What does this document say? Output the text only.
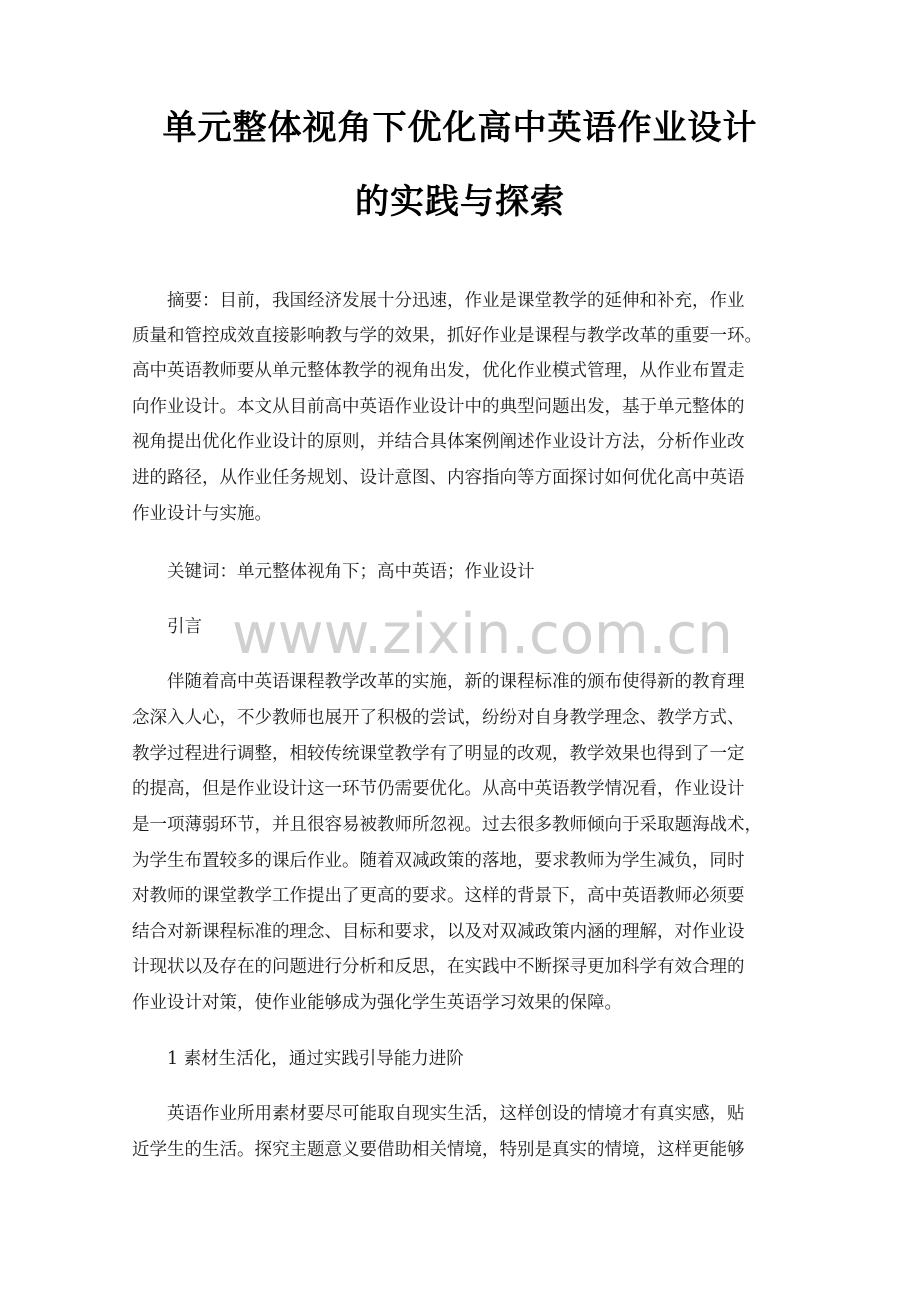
单元整体视角下优化高中英语作业设计
的实践与探索
　　摘要：目前，我国经济发展十分迅速，作业是课堂教学的延伸和补充，作业
质量和管控成效直接影响教与学的效果，抓好作业是课程与教学改革的重要一环。
高中英语教师要从单元整体教学的视角出发，优化作业模式管理，从作业布置走
向作业设计。本文从目前高中英语作业设计中的典型问题出发，基于单元整体的
视角提出优化作业设计的原则，并结合具体案例阐述作业设计方法，分析作业改
进的路径，从作业任务规划、设计意图、内容指向等方面探讨如何优化高中英语
作业设计与实施。
　　关键词：单元整体视角下；高中英语；作业设计
www.zixin.com.cn
　　引言
　　伴随着高中英语课程教学改革的实施，新的课程标准的颁布使得新的教育理
念深入人心，不少教师也展开了积极的尝试，纷纷对自身教学理念、教学方式、
教学过程进行调整，相较传统课堂教学有了明显的改观，教学效果也得到了一定
的提高，但是作业设计这一环节仍需要优化。从高中英语教学情况看，作业设计
是一项薄弱环节，并且很容易被教师所忽视。过去很多教师倾向于采取题海战术，
为学生布置较多的课后作业。随着双减政策的落地，要求教师为学生减负，同时
对教师的课堂教学工作提出了更高的要求。这样的背景下，高中英语教师必须要
结合对新课程标准的理念、目标和要求，以及对双减政策内涵的理解，对作业设
计现状以及存在的问题进行分析和反思，在实践中不断探寻更加科学有效合理的
作业设计对策，使作业能够成为强化学生英语学习效果的保障。
　　1 素材生活化，通过实践引导能力进阶
　　英语作业所用素材要尽可能取自现实生活，这样创设的情境才有真实感，贴
近学生的生活。探究主题意义要借助相关情境，特别是真实的情境，这样更能够
